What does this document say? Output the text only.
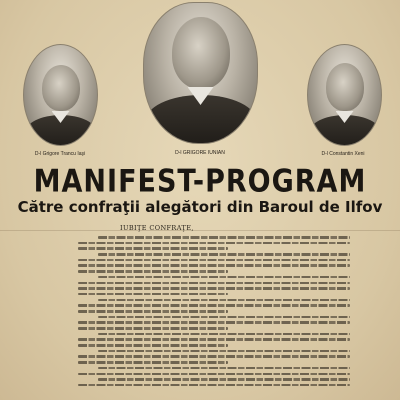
D-l Grigore Trancu Iaşi	D-l GRIGORE IUNIAN	D-l Constantin Xeni
MANIFEST-PROGRAM
Către confraţii alegători din Baroul de Ilfov
IUBIŢE CONFRAŢE,
